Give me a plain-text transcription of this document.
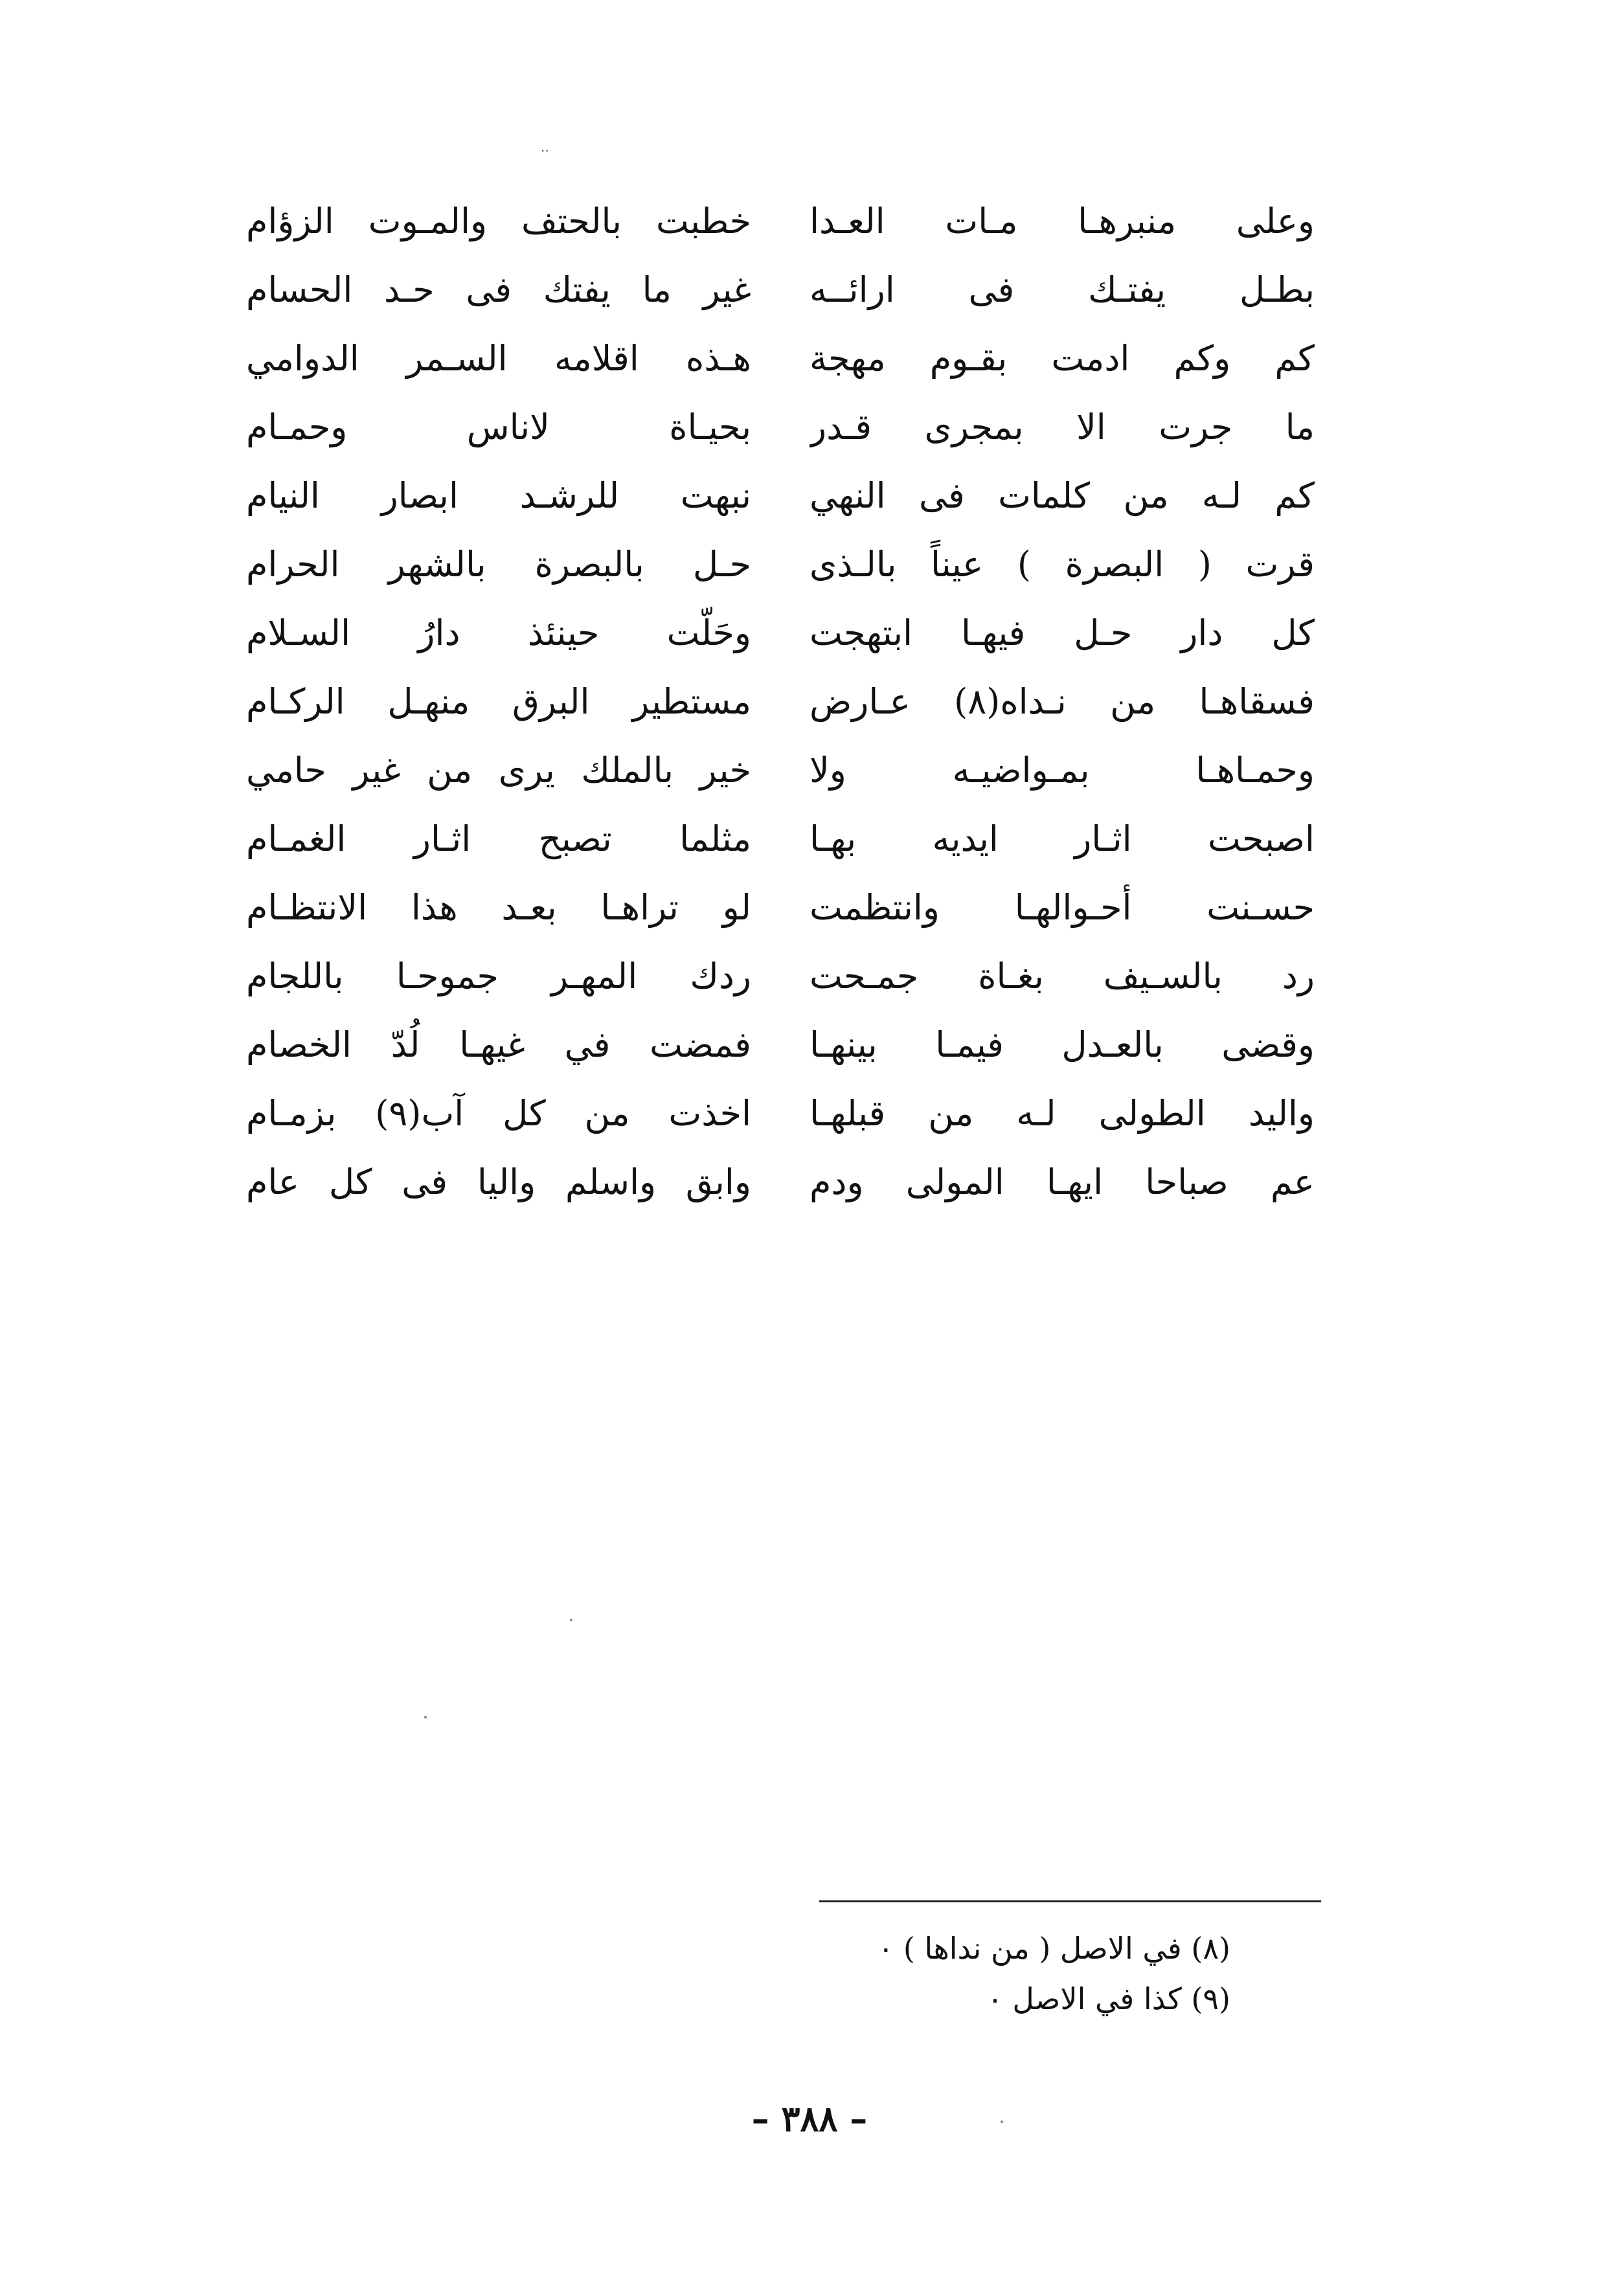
..
وعلى منبرهـا مـات العـدا
خطبت بالحتف والمـوت الزؤام
بطـل يفتـك فى ارائــه
غير ما يفتك فى حـد الحسام
كم وكم ادمت بقـوم مهجة
هـذه اقلامه السـمر الدوامي
ما جرت الا بمجرى قـدر
بحيـاة لاناس وحمـام
كم لـه من كلمات فى النهي
نبهت للرشـد ابصار النيام
قرت ( البصرة ) عيناً بالـذى
حـل بالبصرة بالشهر الحرام
كل دار حـل فيهـا ابتهجت
وحَلّت حينئذ دارُ السـلام
فسقاهـا من نـداه(٨) عـارض
مستطير البرق منهـل الركـام
وحمـاهـا بمـواضيـه ولا
خير بالملك يرى من غير حامي
اصبحت اثـار ايديه بهـا
مثلما تصبح اثـار الغمـام
حسـنت أحـوالهـا وانتظمت
لو تراهـا بعـد هذا الانتظـام
رد بالسـيف بغـاة جمـحت
ردك المهـر جموحـا باللجام
وقضى بالعـدل فيمـا بينهـا
فمضت في غيهـا لُدّ الخصام
واليد الطولى لـه من قبلهـا
اخذت من كل آب(٩) بزمـام
عم صباحا ايهـا المولى ودم
وابق واسلم واليا فى كل عام
(٨) في الاصل ( من نداها ) ٠
(٩) كذا في الاصل ٠
– ٣٨٨ –
